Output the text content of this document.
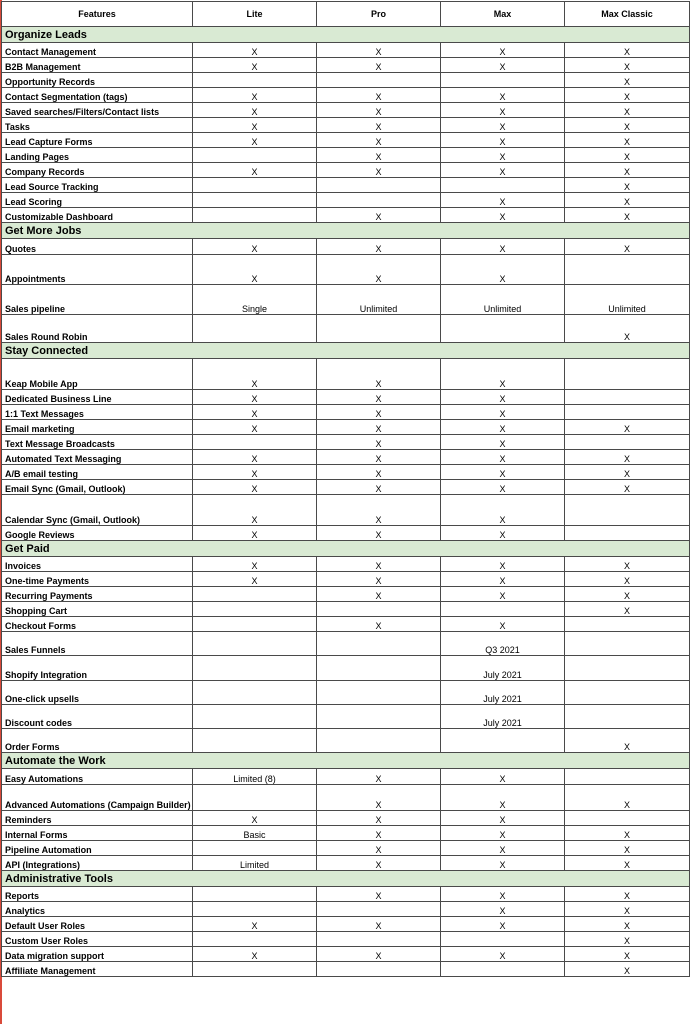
Features	Lite	Pro	Max	Max Classic
Organize Leads				
Contact Management	X	X	X	X
B2B Management	X	X	X	X
Opportunity Records				X
Contact Segmentation (tags)	X	X	X	X
Saved searches/Filters/Contact lists	X	X	X	X
Tasks	X	X	X	X
Lead Capture Forms	X	X	X	X
Landing Pages		X	X	X
Company Records	X	X	X	X
Lead Source Tracking				X
Lead Scoring			X	X
Customizable Dashboard		X	X	X
Get More Jobs				
Quotes	X	X	X	X
Appointments	X	X	X	
Sales pipeline	Single	Unlimited	Unlimited	Unlimited
Sales Round Robin				X
Stay Connected				
Keap Mobile App	X	X	X	
Dedicated Business Line	X	X	X	
1:1 Text Messages	X	X	X	
Email marketing	X	X	X	X
Text Message Broadcasts		X	X	
Automated Text Messaging	X	X	X	X
A/B email testing	X	X	X	X
Email Sync (Gmail, Outlook)	X	X	X	X
Calendar Sync (Gmail, Outlook)	X	X	X	
Google Reviews	X	X	X	
Get Paid				
Invoices	X	X	X	X
One-time Payments	X	X	X	X
Recurring Payments		X	X	X
Shopping Cart				X
Checkout Forms		X	X	
Sales Funnels			Q3 2021	
Shopify Integration			July 2021	
One-click upsells			July 2021	
Discount codes			July 2021	
Order Forms				X
Automate the Work				
Easy Automations	Limited (8)	X	X	
Advanced Automations (Campaign Builder)		X	X	X
Reminders	X	X	X	
Internal Forms	Basic	X	X	X
Pipeline Automation		X	X	X
API (Integrations)	Limited	X	X	X
Administrative Tools				
Reports		X	X	X
Analytics			X	X
Default User Roles	X	X	X	X
Custom User Roles				X
Data migration support	X	X	X	X
Affiliate Management				X
